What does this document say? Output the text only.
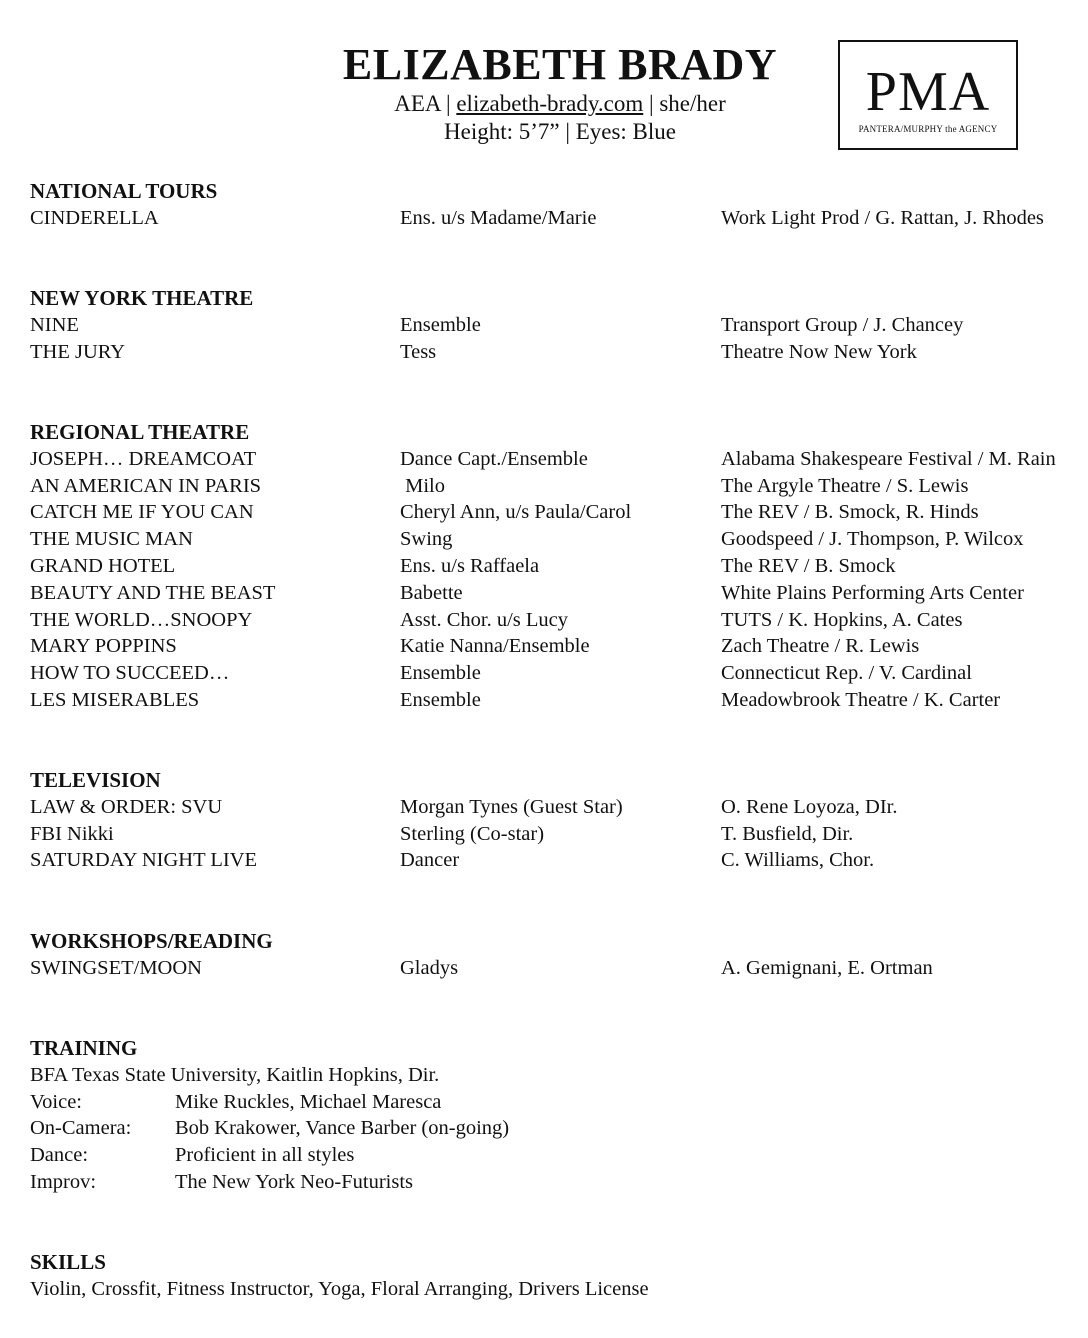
ELIZABETH BRADY
AEA | elizabeth-brady.com | she/her
Height: 5’7” | Eyes: Blue
PMA
PANTERA/MURPHY the AGENCY
NATIONAL TOURS
CINDERELLA	Ens. u/s Madame/Marie	Work Light Prod / G. Rattan, J. Rhodes
NEW YORK THEATRE
NINE	Ensemble	Transport Group / J. Chancey
THE JURY	Tess	Theatre Now New York
REGIONAL THEATRE
JOSEPH… DREAMCOAT	Dance Capt./Ensemble	Alabama Shakespeare Festival / M. Rain
AN AMERICAN IN PARIS	Milo	The Argyle Theatre / S. Lewis
CATCH ME IF YOU CAN	Cheryl Ann, u/s Paula/Carol	The REV / B. Smock, R. Hinds
THE MUSIC MAN	Swing	Goodspeed / J. Thompson, P. Wilcox
GRAND HOTEL	Ens. u/s Raffaela	The REV / B. Smock
BEAUTY AND THE BEAST	Babette	White Plains Performing Arts Center
THE WORLD…SNOOPY	Asst. Chor. u/s Lucy	TUTS / K. Hopkins, A. Cates
MARY POPPINS	Katie Nanna/Ensemble	Zach Theatre / R. Lewis
HOW TO SUCCEED…	Ensemble	Connecticut Rep. / V. Cardinal
LES MISERABLES	Ensemble	Meadowbrook Theatre / K. Carter
TELEVISION
LAW & ORDER: SVU	Morgan Tynes (Guest Star)	O. Rene Loyoza, DIr.
FBI Nikki	Sterling (Co-star)	T. Busfield, Dir.
SATURDAY NIGHT LIVE	Dancer	C. Williams, Chor.
WORKSHOPS/READING
SWINGSET/MOON	Gladys	A. Gemignani, E. Ortman
TRAINING
BFA Texas State University, Kaitlin Hopkins, Dir.
Voice:	Mike Ruckles, Michael Maresca
On-Camera: Bob Krakower, Vance Barber (on-going)
Dance:	Proficient in all styles
Improv:	The New York Neo-Futurists
SKILLS
Violin, Crossfit, Fitness Instructor, Yoga, Floral Arranging, Drivers License
